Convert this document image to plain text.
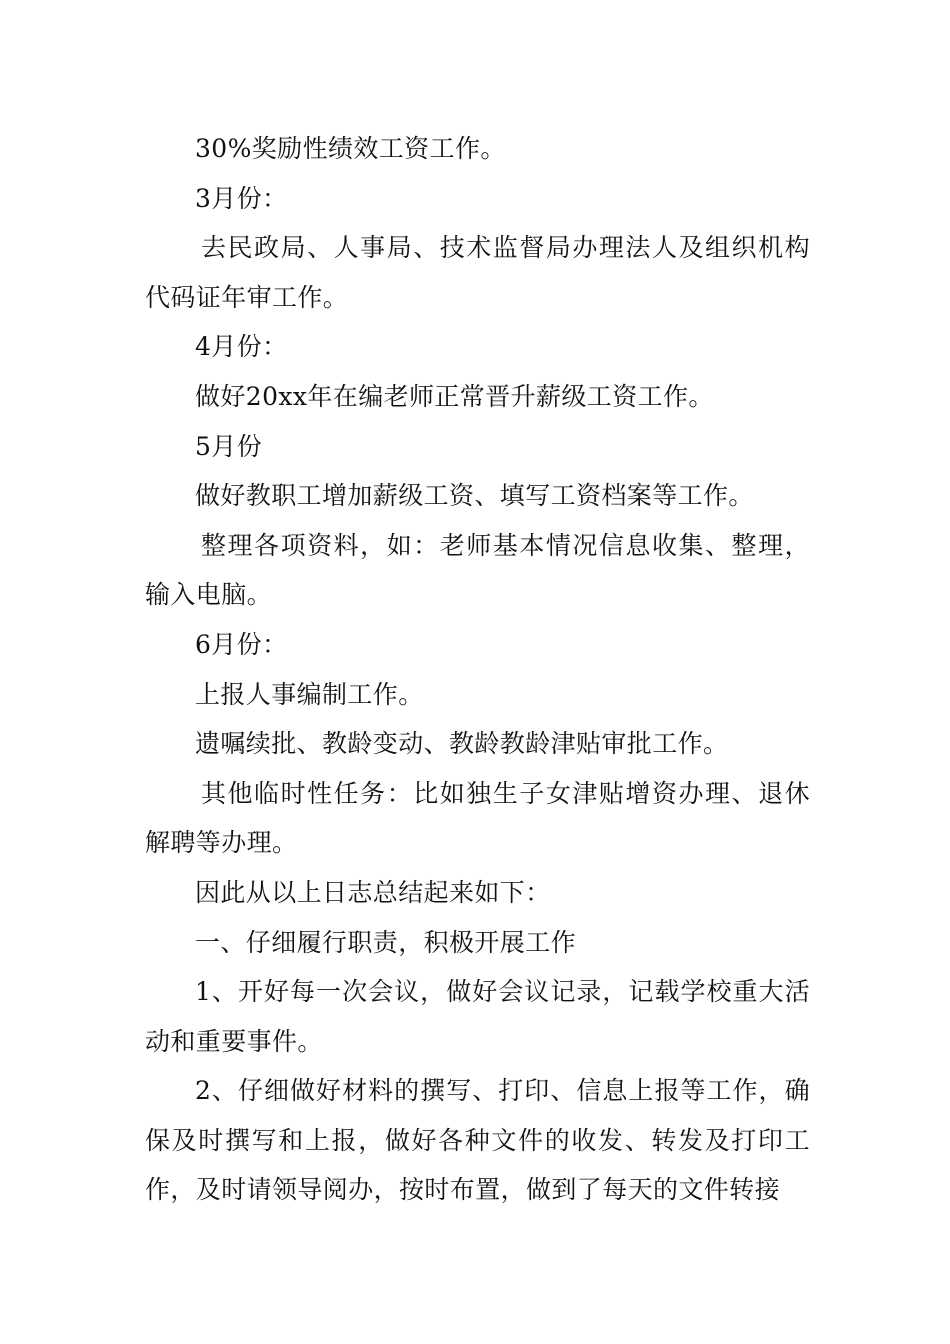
30%奖励性绩效工资工作。

3月份：

去民政局、人事局、技术监督局办理法人及组织机构代码证年审工作。

4月份：

做好20xx年在编老师正常晋升薪级工资工作。

5月份

做好教职工增加薪级工资、填写工资档案等工作。

整理各项资料，如：老师基本情况信息收集、整理，输入电脑。

6月份：

上报人事编制工作。

遗嘱续批、教龄变动、教龄教龄津贴审批工作。

其他临时性任务：比如独生子女津贴增资办理、退休解聘等办理。

因此从以上日志总结起来如下：

一、仔细履行职责，积极开展工作

1、开好每一次会议，做好会议记录，记载学校重大活动和重要事件。

2、仔细做好材料的撰写、打印、信息上报等工作，确保及时撰写和上报，做好各种文件的收发、转发及打印工作，及时请领导阅办，按时布置，做到了每天的文件转接
